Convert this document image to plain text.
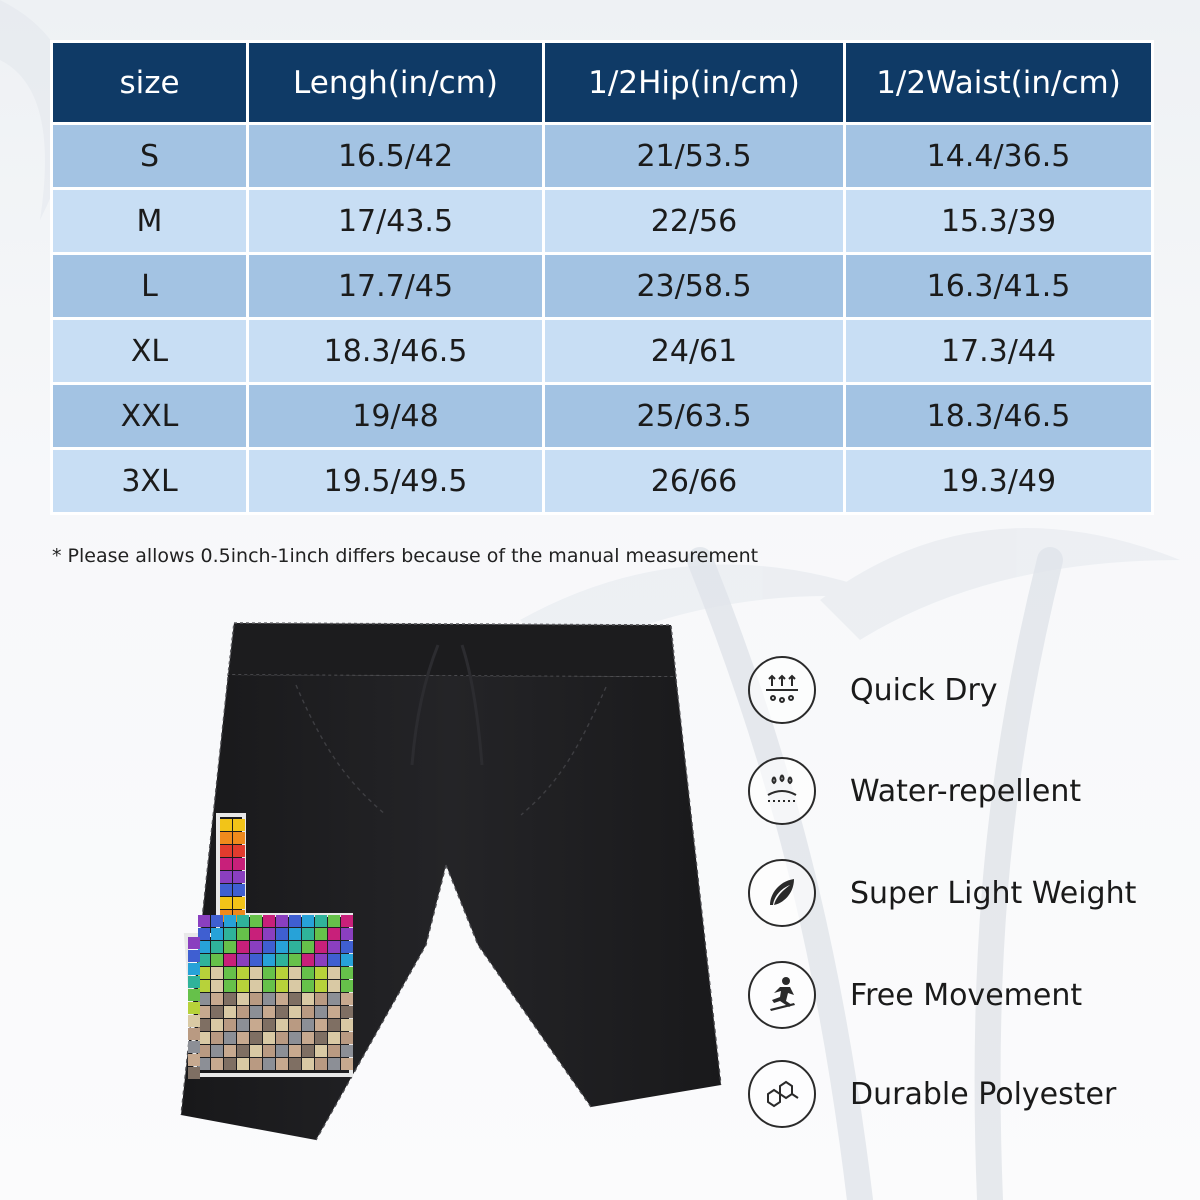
size	Lengh(in/cm)	1/2Hip(in/cm)	1/2Waist(in/cm)
S	16.5/42	21/53.5	14.4/36.5
M	17/43.5	22/56	15.3/39
L	17.7/45	23/58.5	16.3/41.5
XL	18.3/46.5	24/61	17.3/44
XXL	19/48	25/63.5	18.3/46.5
3XL	19.5/49.5	26/66	19.3/49
* Please allows 0.5inch-1inch differs because of the manual measurement
Quick Dry
Water-repellent
Super Light Weight
Free Movement
Durable Polyester
